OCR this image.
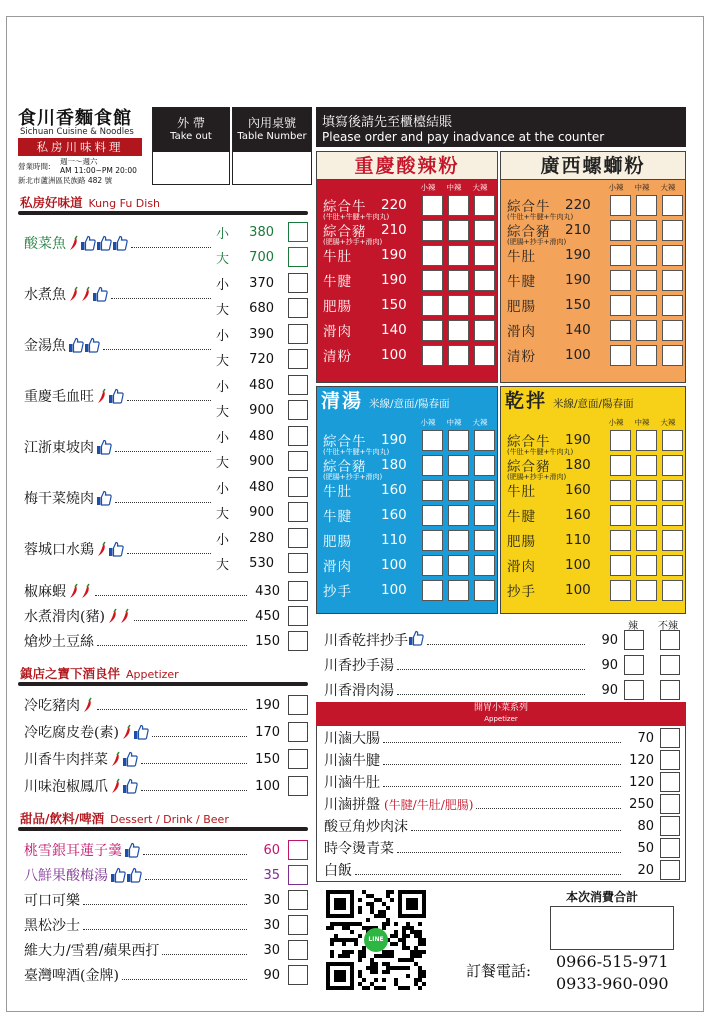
食川香麵食館
Sichuan Cuisine & Noodles
私房川味料理
營業時間:
週一～週六
AM 11:00~PM 20:00
新北市蘆洲區民族路 482 號
外 帶
Take out
內用桌號
Table Number
填寫後請先至櫃檯結賬
Please order and pay inadvance at the counter
私房好味道 Kung Fu Dish
酸菜魚
小	380
大	700
水煮魚
小	370
大	680
金湯魚
小	390
大	720
重慶毛血旺
小	480
大	900
江浙東坡肉
小	480
大	900
梅干菜燒肉
小	480
大	900
蓉城口水鶏
小	280
大	530
椒麻蝦	430
水煮滑肉(豬)	450
熗炒土豆絲	150
鎮店之寶下酒良伴 Appetizer
冷吃豬肉	190
冷吃腐皮卷(素)	170
川香牛肉拌菜	150
川味泡椒鳳爪	100
甜品/飲料/啤酒 Dessert / Drink / Beer
桃雪銀耳蓮子羹	60
八鮮果酸梅湯	35
可口可樂	30
黑松沙士	30
維大力/雪碧/蘋果西打	30
臺灣啤酒(金牌)	90
重慶酸辣粉
小辣 中辣 大辣
綜合牛	220
(牛肚+牛腱+牛肉丸)
綜合豬	210
(肥腸+抄手+滑肉)
牛肚	190
牛腱	190
肥腸	150
滑肉	140
清粉	100
廣西螺螄粉
小辣 中辣 大辣
綜合牛	220
(牛肚+牛腱+牛肉丸)
綜合豬	210
(肥腸+抄手+滑肉)
牛肚	190
牛腱	190
肥腸	150
滑肉	140
清粉	100
清湯 米線/意面/陽春面
小辣 中辣 大辣
綜合牛	190
(牛肚+牛腱+牛肉丸)
綜合豬	180
(肥腸+抄手+滑肉)
牛肚	160
牛腱	160
肥腸	110
滑肉	100
抄手	100
乾拌 米線/意面/陽春面
小辣 中辣 大辣
綜合牛	190
(牛肚+牛腱+牛肉丸)
綜合豬	180
(肥腸+抄手+滑肉)
牛肚	160
牛腱	160
肥腸	110
滑肉	100
抄手	100
辣 不辣
川香乾拌抄手	90
川香抄手湯	90
川香滑肉湯	90
開胃小菜系列
Appetizer
川滷大腸	70
川滷牛腱	120
川滷牛肚	120
川滷拼盤 (牛腱/牛肚/肥腸)	250
酸豆角炒肉沫	80
時令燙青菜	50
白飯	20
LINE
本次消費合計
訂餐電話: 0966-515-971
0933-960-090
